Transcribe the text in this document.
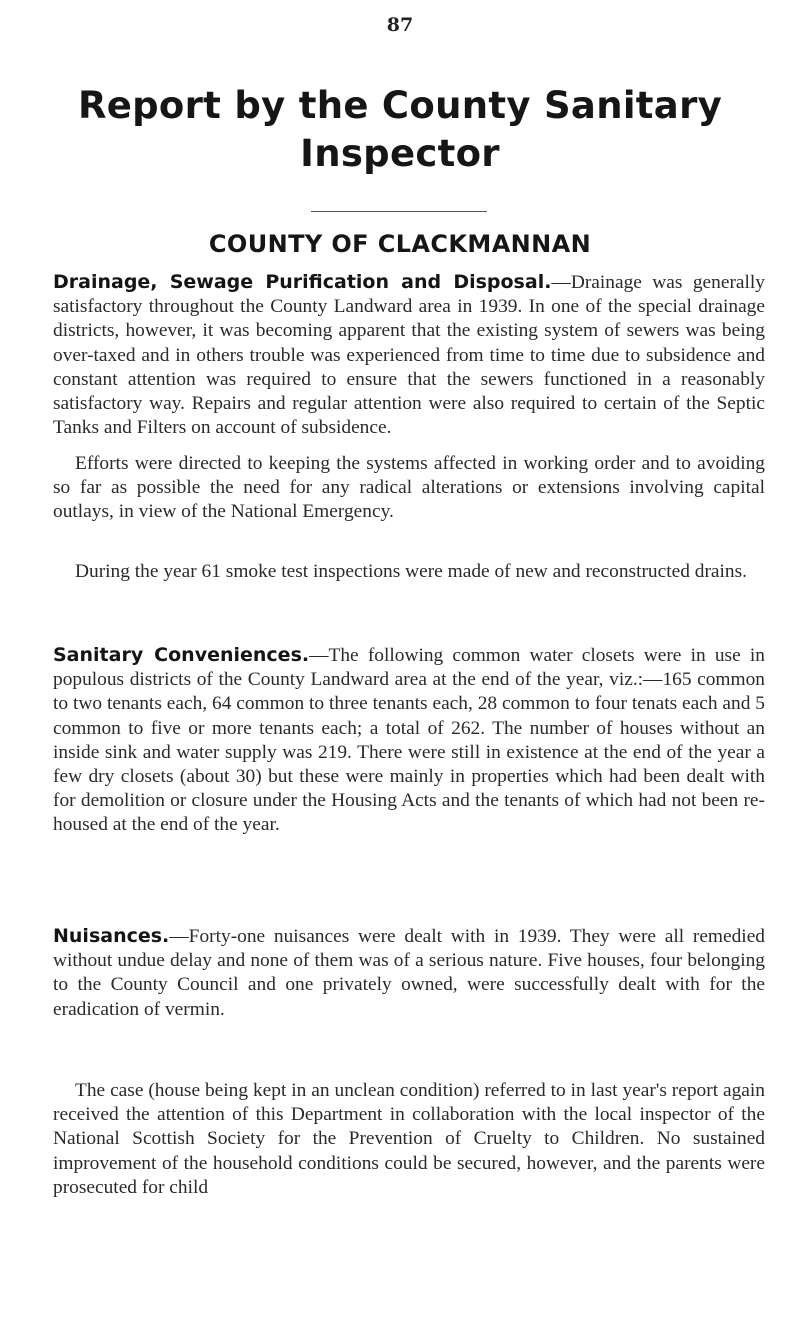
87
Report by the County Sanitary Inspector
COUNTY OF CLACKMANNAN

Drainage, Sewage Purification and Disposal.—Drainage was generally satisfactory throughout the County Landward area in 1939. In one of the special drainage districts, however, it was becoming apparent that the existing system of sewers was being over-taxed and in others trouble was experienced from time to time due to subsidence and constant attention was required to ensure that the sewers functioned in a reasonably satisfactory way. Repairs and regular attention were also required to certain of the Septic Tanks and Filters on account of subsidence.

Efforts were directed to keeping the systems affected in working order and to avoiding so far as possible the need for any radical alterations or extensions involving capital outlays, in view of the National Emergency.

During the year 61 smoke test inspections were made of new and reconstructed drains.

Sanitary Conveniences.—The following common water closets were in use in populous districts of the County Landward area at the end of the year, viz.:—165 common to two tenants each, 64 common to three tenants each, 28 common to four tenats each and 5 common to five or more tenants each; a total of 262. The number of houses without an inside sink and water supply was 219. There were still in existence at the end of the year a few dry closets (about 30) but these were mainly in properties which had been dealt with for demolition or closure under the Housing Acts and the tenants of which had not been re-housed at the end of the year.

Nuisances.—Forty-one nuisances were dealt with in 1939. They were all remedied without undue delay and none of them was of a serious nature. Five houses, four belonging to the County Council and one privately owned, were successfully dealt with for the eradication of vermin.

The case (house being kept in an unclean condition) referred to in last year's report again received the attention of this Department in collaboration with the local inspector of the National Scottish Society for the Prevention of Cruelty to Children. No sustained improvement of the household conditions could be secured, however, and the parents were prosecuted for child
